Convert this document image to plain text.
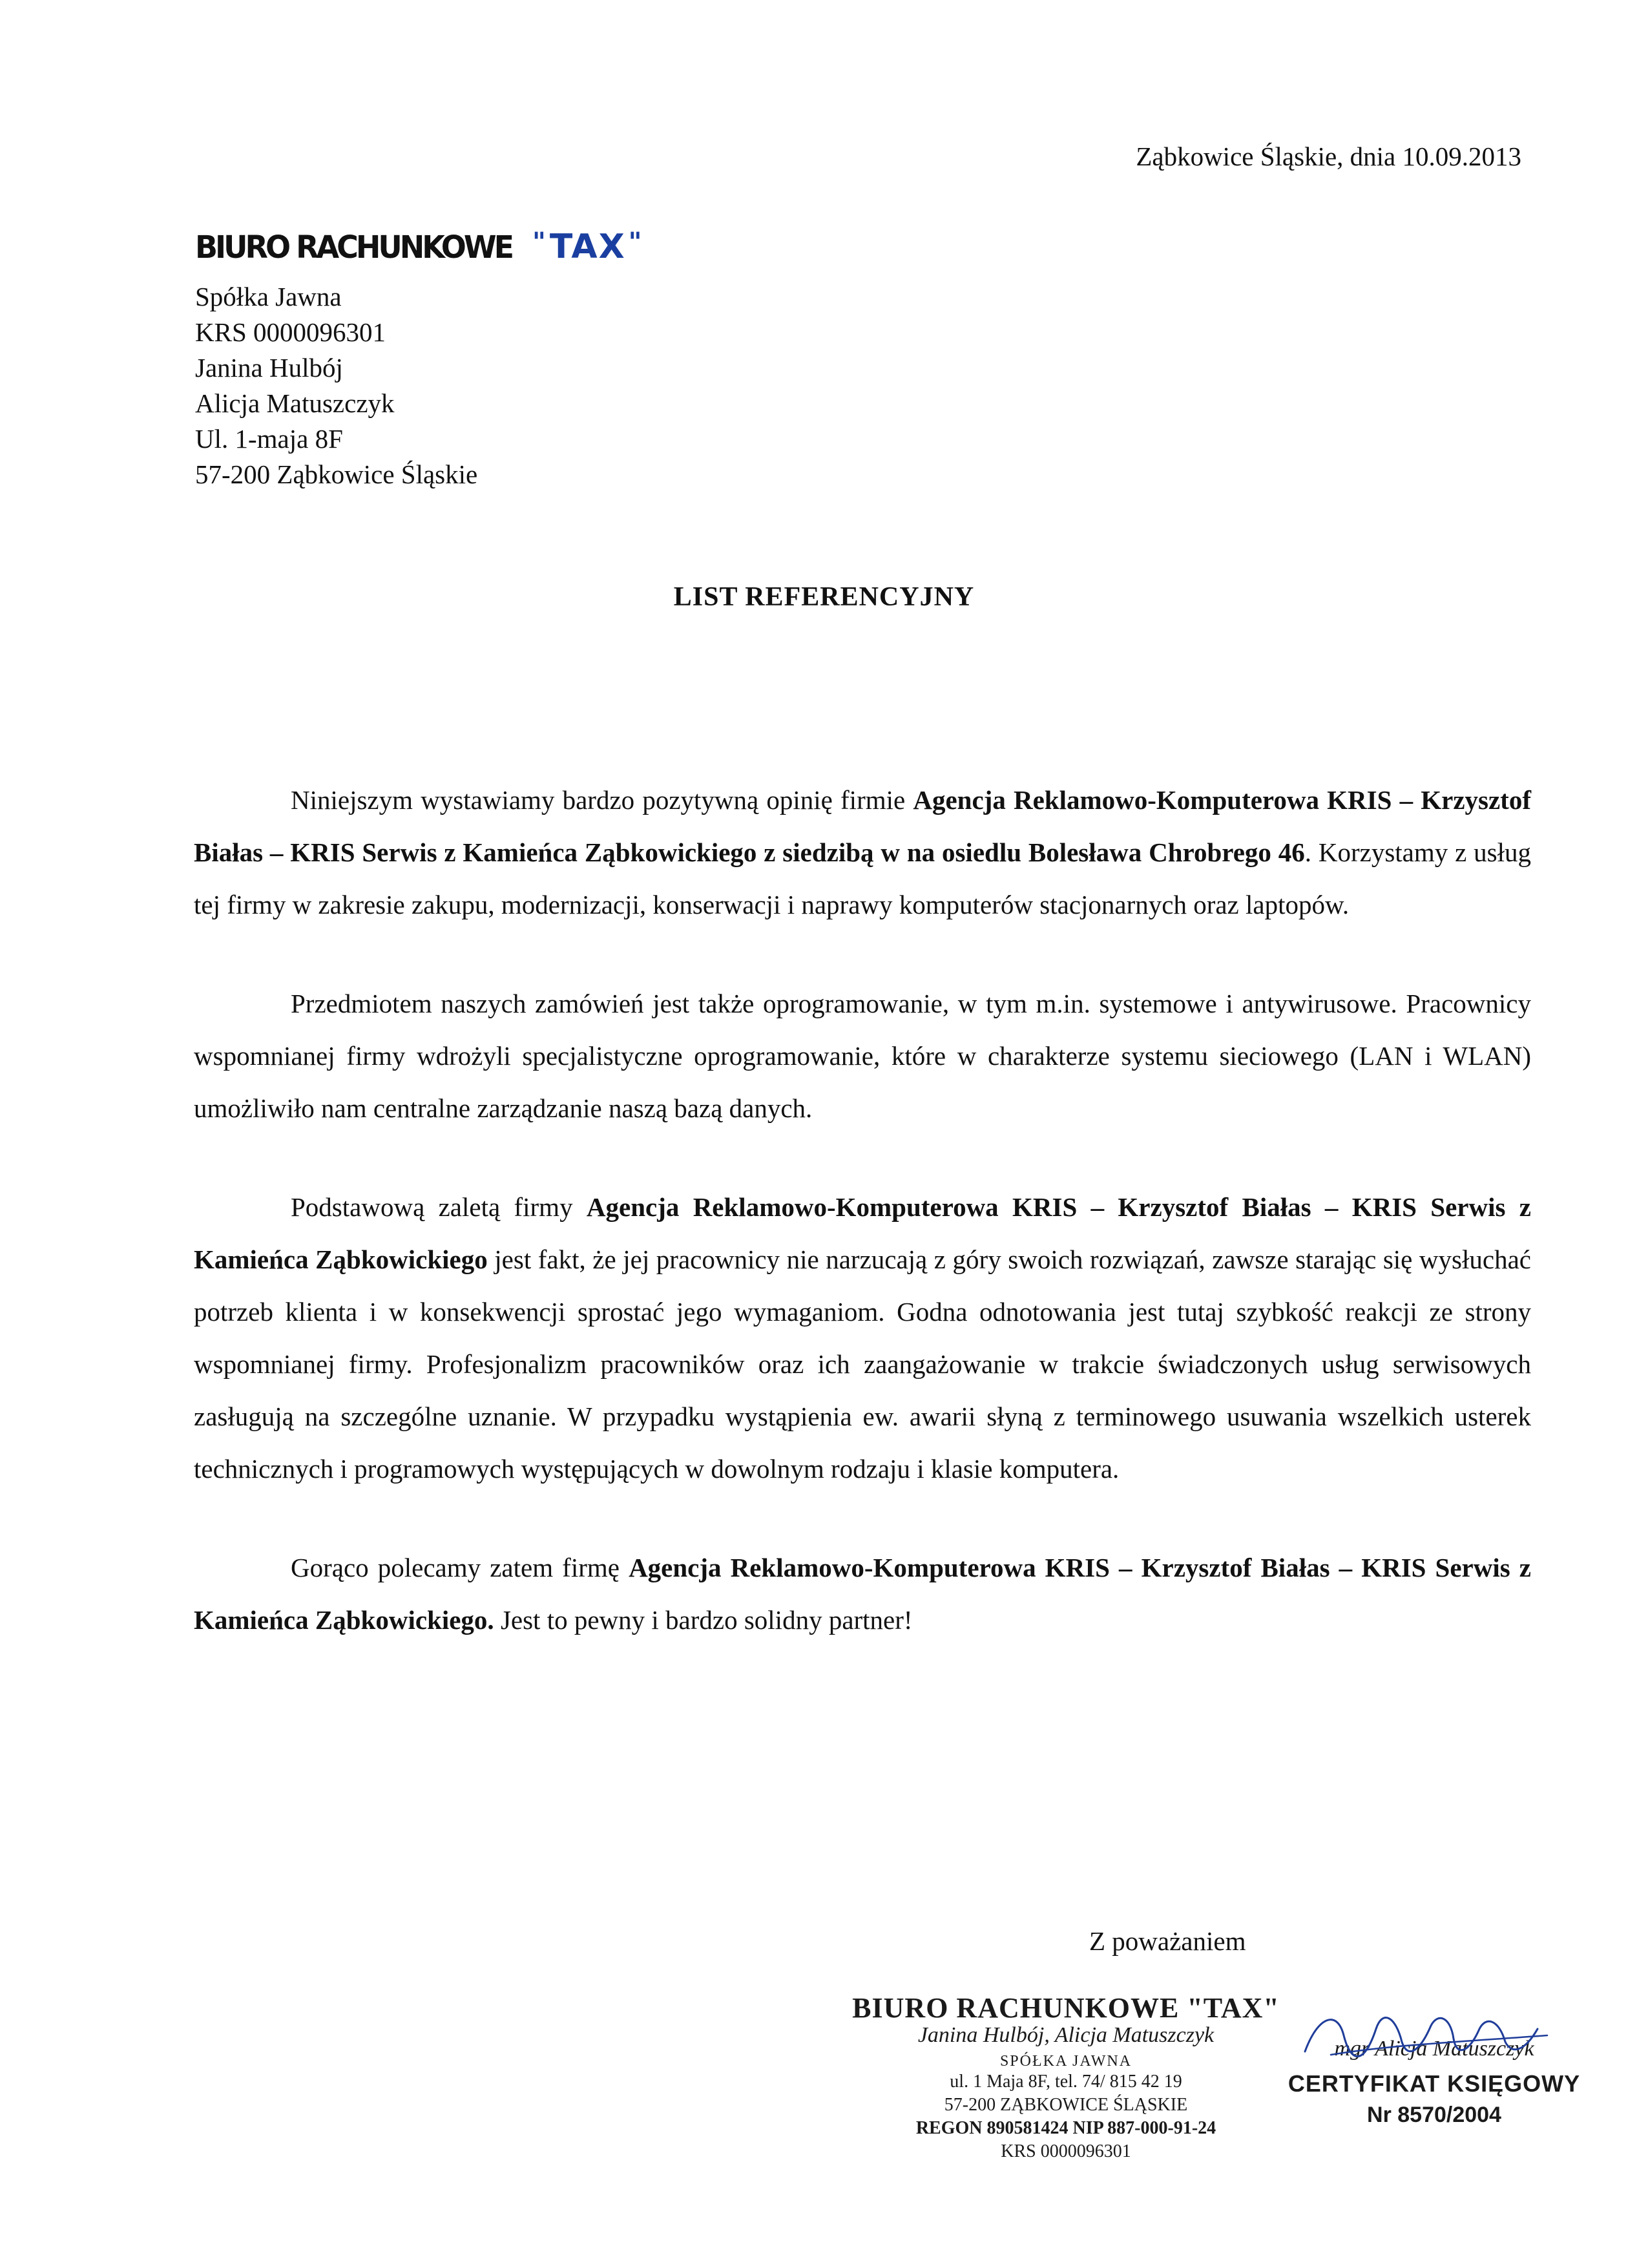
Ząbkowice Śląskie, dnia 10.09.2013
BIURO RACHUNKOWE "TAX "
Spółka Jawna
KRS 0000096301
Janina Hulbój
Alicja Matuszczyk
Ul. 1-maja 8F
57-200 Ząbkowice Śląskie
LIST REFERENCYJNY

Niniejszym wystawiamy bardzo pozytywną opinię firmie Agencja Reklamowo-Komputerowa KRIS – Krzysztof Białas – KRIS Serwis z Kamieńca Ząbkowickiego z siedzibą w na osiedlu Bolesława Chrobrego 46. Korzystamy z usług tej firmy w zakresie zakupu, modernizacji, konserwacji i naprawy komputerów stacjonarnych oraz laptopów.

Przedmiotem naszych zamówień jest także oprogramowanie, w tym m.in. systemowe i antywirusowe. Pracownicy wspomnianej firmy wdrożyli specjalistyczne oprogramowanie, które w charakterze systemu sieciowego (LAN i WLAN) umożliwiło nam centralne zarządzanie naszą bazą danych.

Podstawową zaletą firmy Agencja Reklamowo-Komputerowa KRIS – Krzysztof Białas – KRIS Serwis z Kamieńca Ząbkowickiego jest fakt, że jej pracownicy nie narzucają z góry swoich rozwiązań, zawsze starając się wysłuchać potrzeb klienta i w konsekwencji sprostać jego wymaganiom. Godna odnotowania jest tutaj szybkość reakcji ze strony wspomnianej firmy. Profesjonalizm pracowników oraz ich zaangażowanie w trakcie świadczonych usług serwisowych zasługują na szczególne uznanie. W przypadku wystąpienia ew. awarii słyną z terminowego usuwania wszelkich usterek technicznych i programowych występujących w dowolnym rodzaju i klasie komputera.

Gorąco polecamy zatem firmę Agencja Reklamowo-Komputerowa KRIS – Krzysztof Białas – KRIS Serwis z Kamieńca Ząbkowickiego. Jest to pewny i bardzo solidny partner!

Z poważaniem
BIURO RACHUNKOWE "TAX"
Janina Hulbój, Alicja Matuszczyk
SPÓŁKA JAWNA
ul. 1 Maja 8F, tel. 74/ 815 42 19
57-200 ZĄBKOWICE ŚLĄSKIE
REGON 890581424 NIP 887-000-91-24
KRS 0000096301
mgr Alicja Matuszczyk
CERTYFIKAT KSIĘGOWY
Nr 8570/2004
